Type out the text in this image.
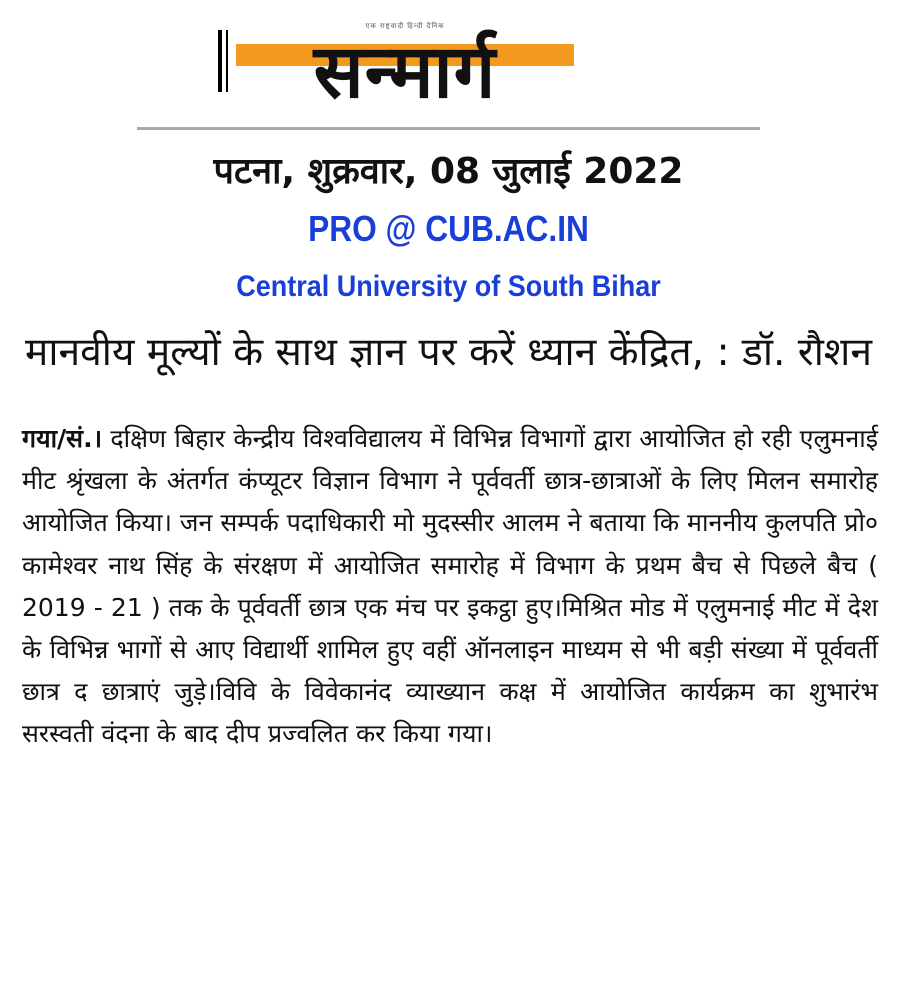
एक राष्ट्रवादी हिन्दी दैनिक
सन्मार्ग
पटना, शुक्रवार, 08 जुलाई 2022
PRO @ CUB.AC.IN
Central University of South Bihar
मानवीय मूल्यों के साथ ज्ञान पर करें ध्यान केंद्रित, : डॉ. रौशन
गया/सं.। दक्षिण बिहार केन्द्रीय विश्वविद्यालय में विभिन्न विभागों द्वारा आयोजित हो रही एलुमनाई मीट श्रृंखला के अंतर्गत कंप्यूटर विज्ञान विभाग ने पूर्ववर्ती छात्र-छात्राओं के लिए मिलन समारोह आयोजित किया। जन सम्पर्क पदाधिकारी मो मुदस्सीर आलम ने बताया कि माननीय कुलपति प्रो० कामेश्वर नाथ सिंह के संरक्षण में आयोजित समारोह में विभाग के प्रथम बैच से पिछले बैच ( 2019 - 21 ) तक के पूर्ववर्ती छात्र एक मंच पर इकट्ठा हुए।मिश्रित मोड में एलुमनाई मीट में देश के विभिन्न भागों से आए विद्यार्थी शामिल हुए वहीं ऑनलाइन माध्यम से भी बड़ी संख्या में पूर्ववर्ती छात्र द छात्राएं जुड़े।विवि के विवेकानंद व्याख्यान कक्ष में आयोजित कार्यक्रम का शुभारंभ सरस्वती वंदना के बाद दीप प्रज्वलित कर किया गया।
